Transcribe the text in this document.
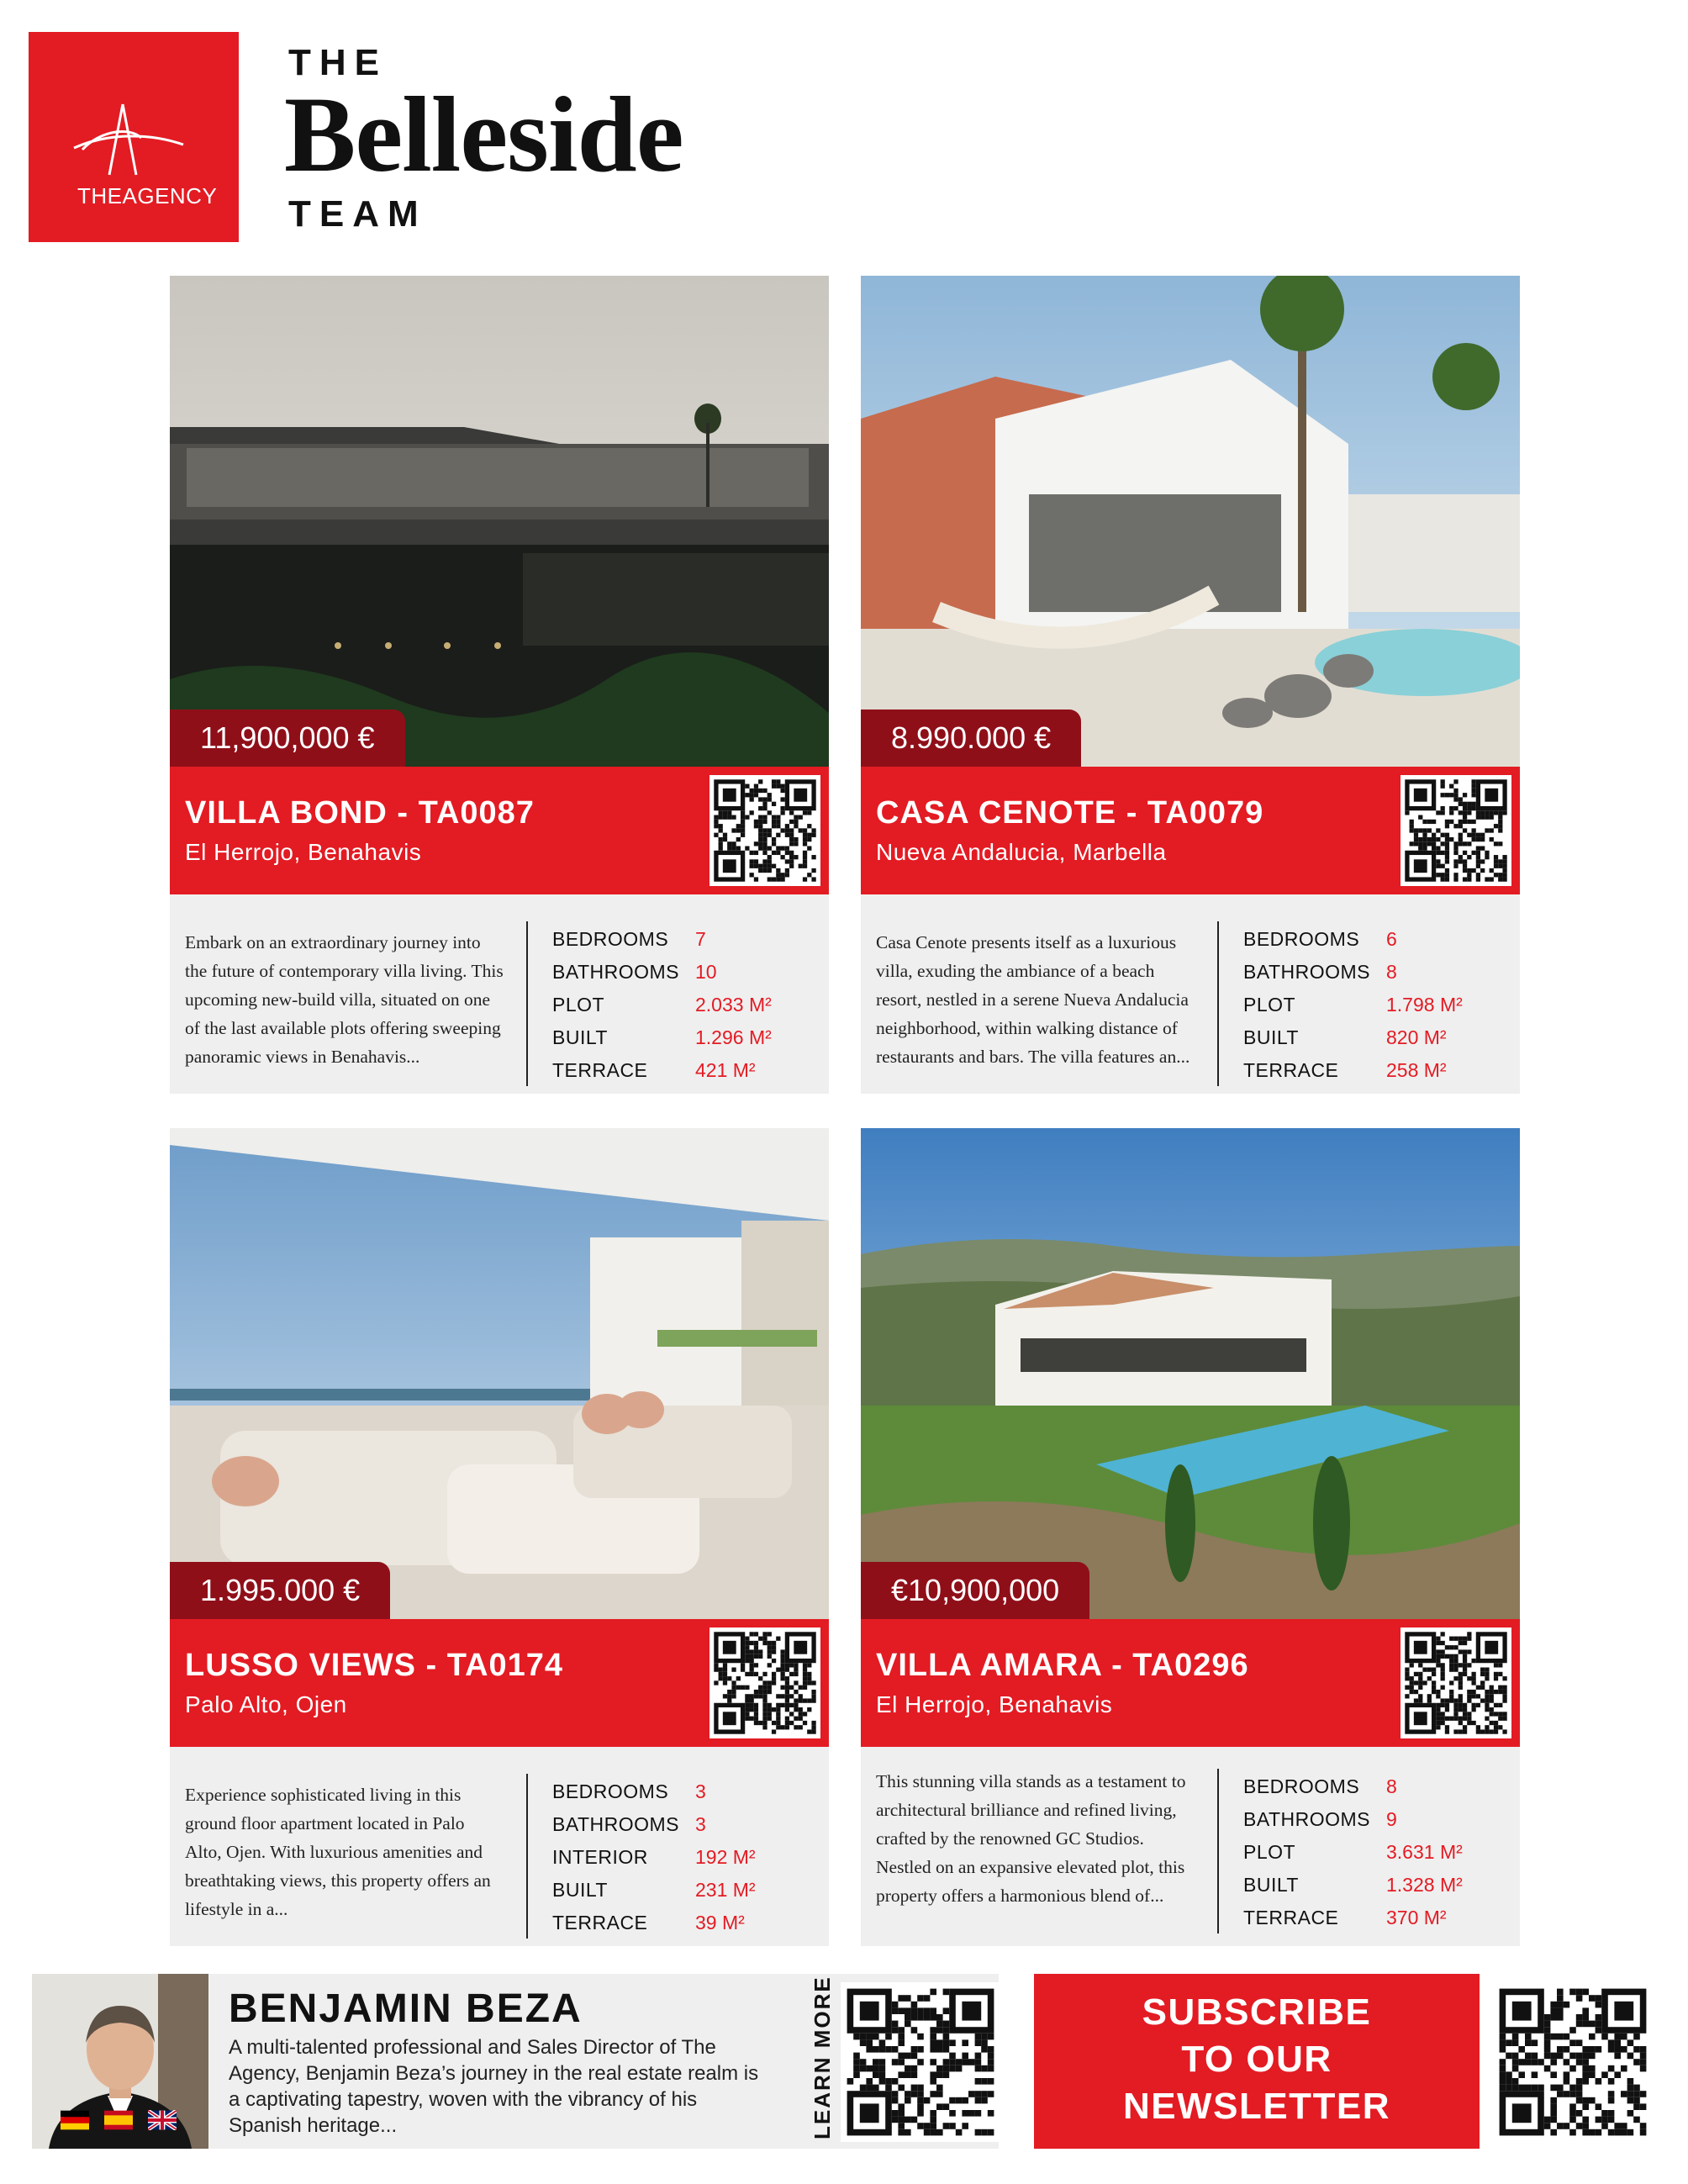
THEAGENCY
THE
Belleside
TEAM
11,900,000 €
VILLA BOND - TA0087
El Herrojo, Benahavis
Embark on an extraordinary journey into the future of contemporary villa living. This upcoming new-build villa, situated on one of the last available plots offering sweeping panoramic views in Benahavis...
BEDROOMS	7
BATHROOMS 10
PLOT	2.033 M²
BUILT	1.296 M²
TERRACE	421 M²
8.990.000 €
CASA CENOTE - TA0079
Nueva Andalucia, Marbella
Casa Cenote presents itself as a luxurious villa, exuding the ambiance of a beach resort, nestled in a serene Nueva Andalucia neighborhood, within walking distance of restaurants and bars. The villa features an...
BEDROOMS	6
BATHROOMS 8
PLOT	1.798 M²
BUILT	820 M²
TERRACE	258 M²
1.995.000 €
LUSSO VIEWS - TA0174
Palo Alto, Ojen
Experience sophisticated living in this ground floor apartment located in Palo Alto, Ojen. With luxurious amenities and breathtaking views, this property offers an lifestyle in a...
BEDROOMS	3
BATHROOMS 3
INTERIOR	192 M²
BUILT	231 M²
TERRACE	39 M²
€10,900,000
VILLA AMARA - TA0296
El Herrojo, Benahavis
This stunning villa stands as a testament to architectural brilliance and refined living, crafted by the renowned GC Studios. Nestled on an expansive elevated plot, this property offers a harmonious blend of...
BEDROOMS	8
BATHROOMS 9
PLOT	3.631 M²
BUILT	1.328 M²
TERRACE	370 M²
BENJAMIN BEZA
A multi-talented professional and Sales Director of The Agency, Benjamin Beza’s journey in the real estate realm is a captivating tapestry, woven with the vibrancy of his Spanish heritage...	LEARN MORE	SUBSCRIBE
TO OUR
NEWSLETTER
